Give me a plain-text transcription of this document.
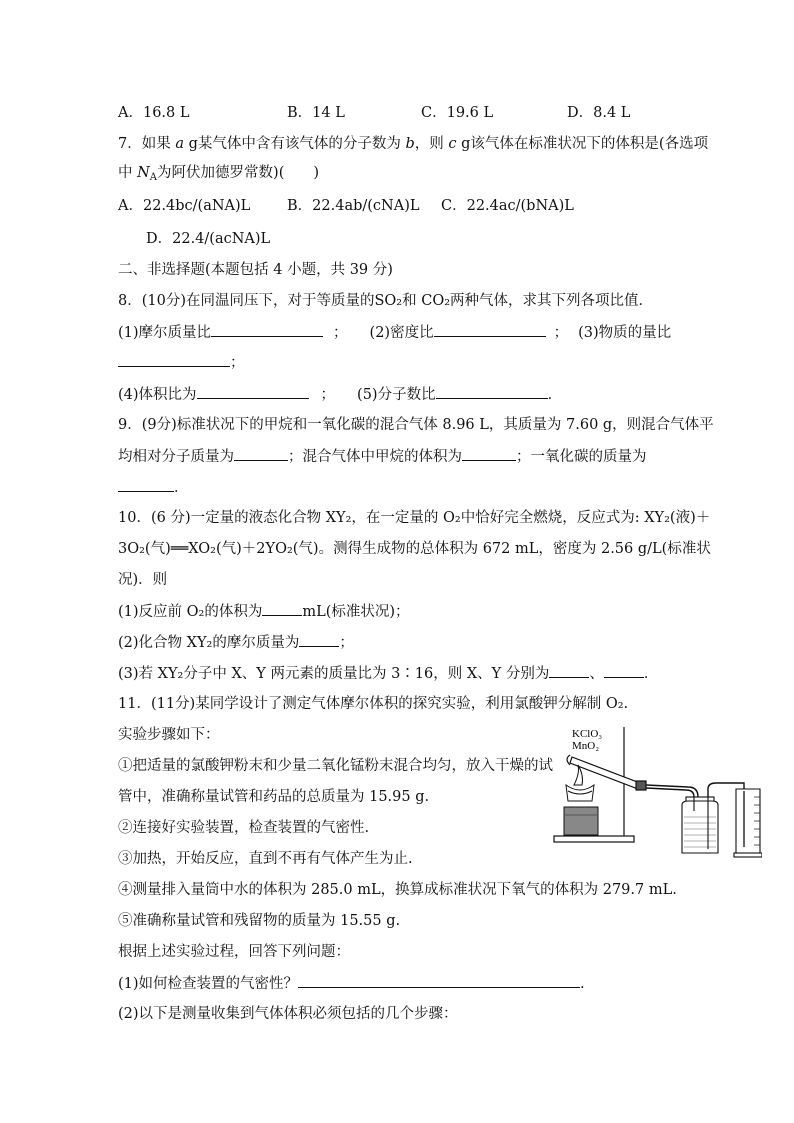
A．16.8 L	B．14 L	C．19.6 L	D．8.4 L
7．如果 a g某气体中含有该气体的分子数为 b，则 c g该气体在标准状况下的体积是(各选项
中 $N_A$为阿伏加德罗常数)(　　)
A．22.4bc/(aNA)L	B．22.4ab/(cNA)L C．22.4ac/(bNA)L
D．22.4/(acNA)L
二、非选择题(本题包括 4 小题，共 39 分)
8．(10分)在同温同压下，对于等质量的SO₂和 CO₂两种气体，求其下列各项比值．
(1)摩尔质量比	； (2)密度比	； (3)物质的量比
；
(4)体积比为	； (5)分子数比	．
9．(9分)标准状况下的甲烷和一氧化碳的混合气体 8.96 L，其质量为 7.60 g，则混合气体平
均相对分子质量为	；混合气体中甲烷的体积为	；一氧化碳的质量为
．
10．(6 分)一定量的液态化合物 XY₂，在一定量的 O₂中恰好完全燃烧，反应式为: XY₂(液)＋
3O₂(气)══XO₂(气)＋2YO₂(气)。测得生成物的总体积为 672 mL，密度为 2.56 g/L(标准状
况)．则
(1)反应前 O₂的体积为	mL(标准状况)；
(2)化合物 XY₂的摩尔质量为	；
(3)若 XY₂分子中 X、Y 两元素的质量比为 3∶16，则 X、Y 分别为	、	．
11．(11分)某同学设计了测定气体摩尔体积的探究实验，利用氯酸钾分解制 O₂.
实验步骤如下：
①把适量的氯酸钾粉末和少量二氧化锰粉末混合均匀，放入干燥的试
管中，准确称量试管和药品的总质量为 15.95 g.
②连接好实验装置，检查装置的气密性.
③加热，开始反应，直到不再有气体产生为止.
④测量排入量筒中水的体积为 285.0 mL，换算成标准状况下氧气的体积为 279.7 mL.
⑤准确称量试管和残留物的质量为 15.55 g.
根据上述实验过程，回答下列问题：
(1)如何检查装置的气密性？	.
(2)以下是测量收集到气体体积必须包括的几个步骤：
KClO₃
MnO₂
